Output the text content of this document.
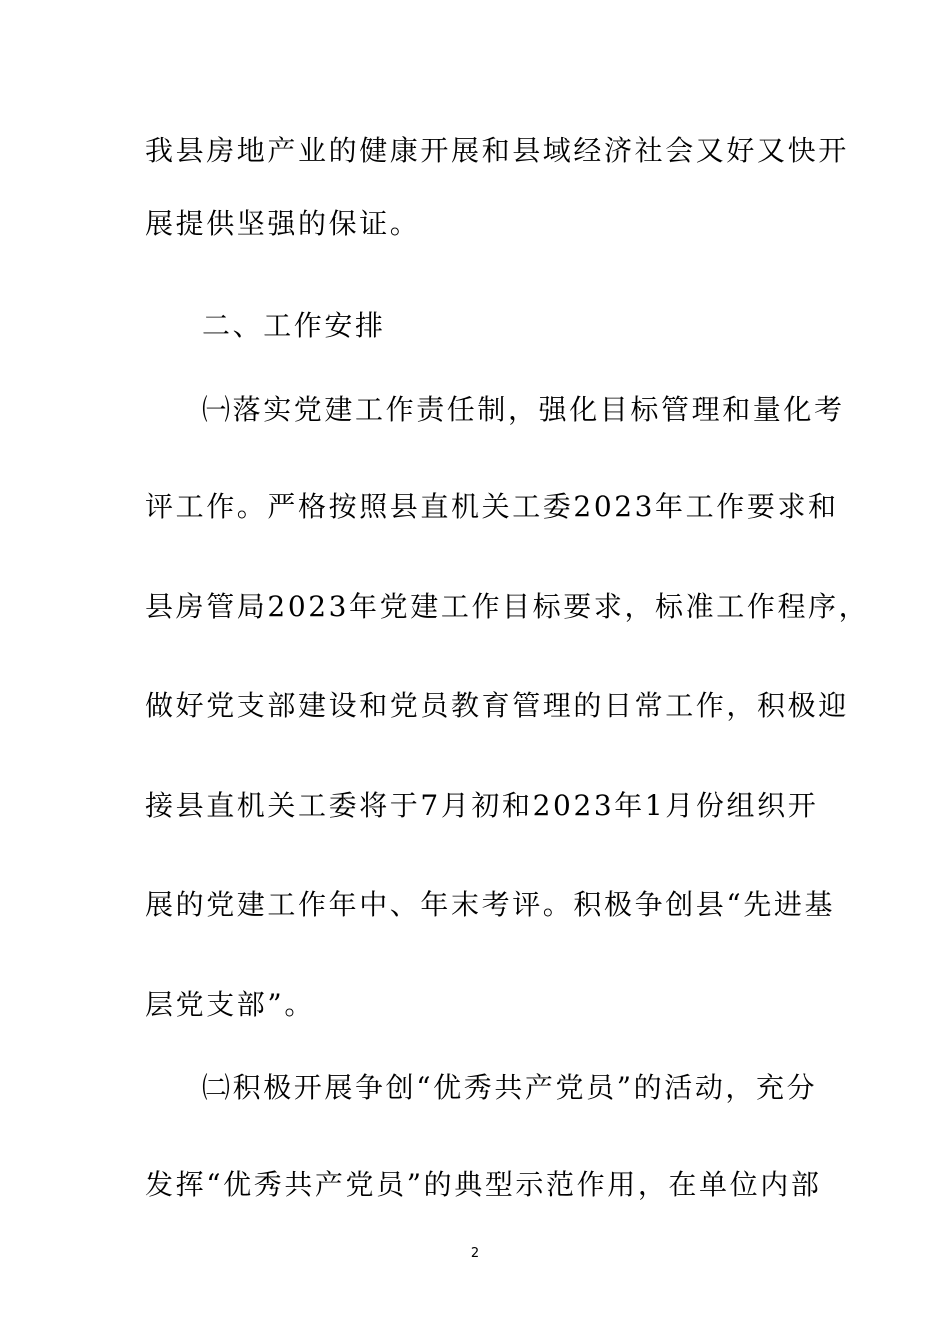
我县房地产业的健康开展和县域经济社会又好又快开
展提供坚强的保证。
二、工作安排
㈠落实党建工作责任制，强化目标管理和量化考
评工作。严格按照县直机关工委2023年工作要求和
县房管局2023年党建工作目标要求，标准工作程序，
做好党支部建设和党员教育管理的日常工作，积极迎
接县直机关工委将于7月初和2023年1月份组织开
展的党建工作年中、年末考评。积极争创县“先进基
层党支部”。
㈡积极开展争创“优秀共产党员”的活动，充分
发挥“优秀共产党员”的典型示范作用，在单位内部
2
